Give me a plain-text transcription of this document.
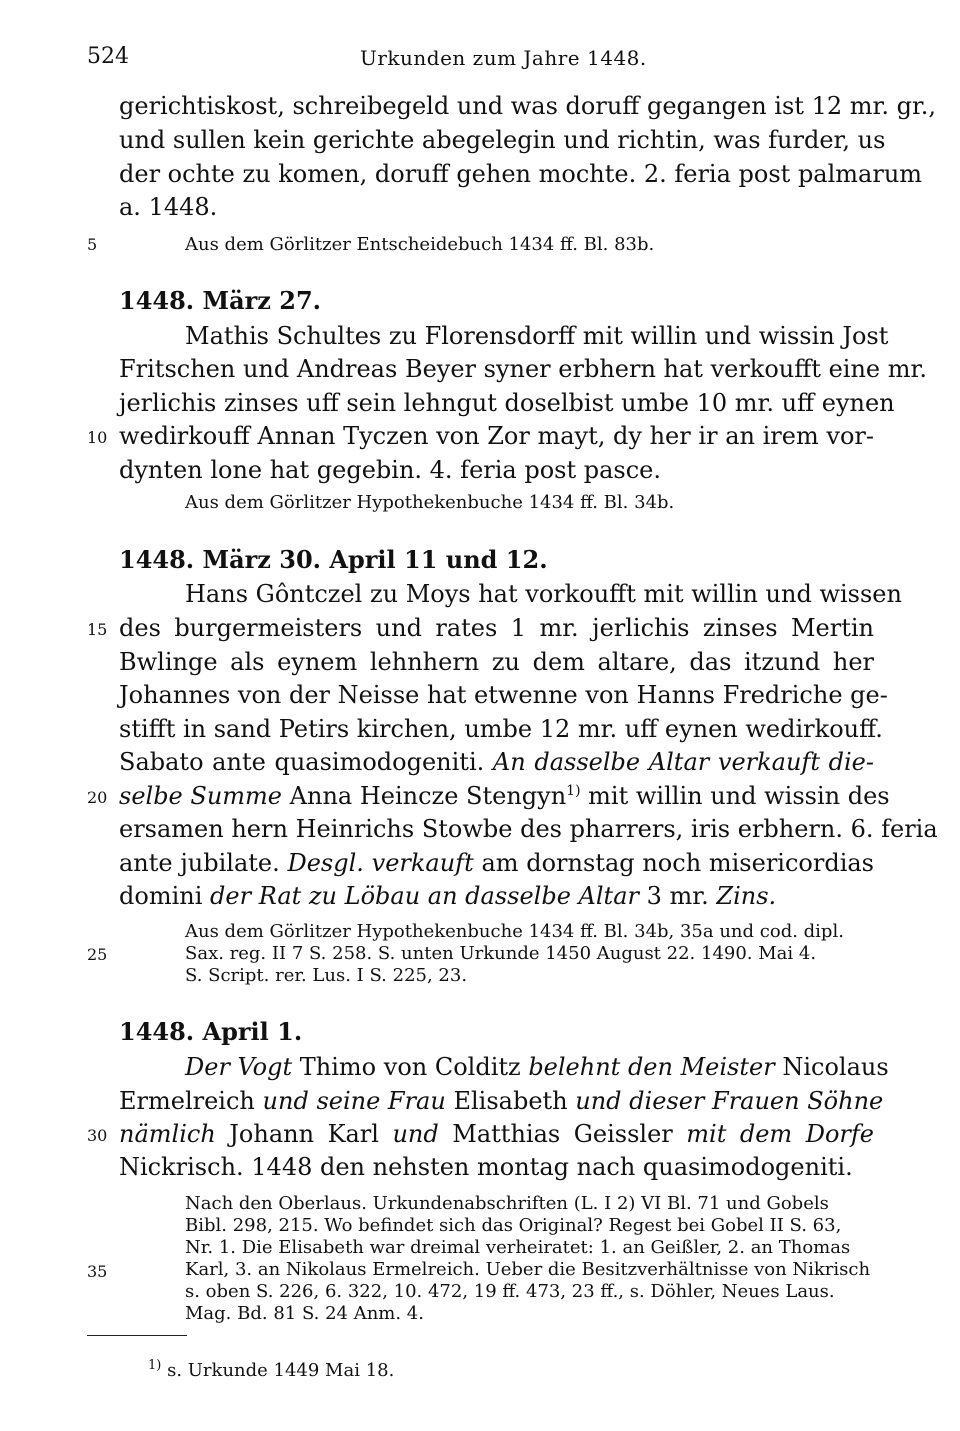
524	Urkunden zum Jahre 1448.
gerichtiskost, schreibegeld und was doruff gegangen ist 12 mr. gr.,
und sullen kein gerichte abegelegin und richtin, was furder, us
der ochte zu komen, doruff gehen mochte. 2. feria post palmarum
a. 1448.
Aus dem Görlitzer Entscheidebuch 1434 ff. Bl. 83b.
1448. März 27.
Mathis Schultes zu Florensdorff mit willin und wissin Jost
Fritschen und Andreas Beyer syner erbhern hat verkoufft eine mr.
jerlichis zinses uff sein lehngut doselbist umbe 10 mr. uff eynen
wedirkouff Annan Tyczen von Zor mayt, dy her ir an irem vor-
dynten lone hat gegebin. 4. feria post pasce.
Aus dem Görlitzer Hypothekenbuche 1434 ff. Bl. 34b.
1448. März 30. April 11 und 12.
Hans Gôntczel zu Moys hat vorkoufft mit willin und wissen
des burgermeisters und rates 1 mr. jerlichis zinses Mertin
Bwlinge als eynem lehnhern zu dem altare, das itzund her
Johannes von der Neisse hat etwenne von Hanns Fredriche ge-
stifft in sand Petirs kirchen, umbe 12 mr. uff eynen wedirkouff.
Sabato ante quasimodogeniti. An dasselbe Altar verkauft die-
selbe Summe Anna Heincze Stengyn$^{1)}$ mit willin und wissin des
ersamen hern Heinrichs Stowbe des pharrers, iris erbhern. 6. feria
ante jubilate. Desgl. verkauft am dornstag noch misericordias
domini der Rat zu Löbau an dasselbe Altar 3 mr. Zins.
Aus dem Görlitzer Hypothekenbuche 1434 ff. Bl. 34b, 35a und cod. dipl.
Sax. reg. II 7 S. 258. S. unten Urkunde 1450 August 22. 1490. Mai 4.
S. Script. rer. Lus. I S. 225, 23.
1448. April 1.
Der Vogt Thimo von Colditz belehnt den Meister Nicolaus
Ermelreich und seine Frau Elisabeth und dieser Frauen Söhne
nämlich Johann Karl und Matthias Geissler mit dem Dorfe
Nickrisch. 1448 den nehsten montag nach quasimodogeniti.
Nach den Oberlaus. Urkundenabschriften (L. I 2) VI Bl. 71 und Gobels
Bibl. 298, 215. Wo befindet sich das Original? Regest bei Gobel II S. 63,
Nr. 1. Die Elisabeth war dreimal verheiratet: 1. an Geißler, 2. an Thomas
Karl, 3. an Nikolaus Ermelreich. Ueber die Besitzverhältnisse von Nikrisch
s. oben S. 226, 6. 322, 10. 472, 19 ff. 473, 23 ff., s. Döhler, Neues Laus.
Mag. Bd. 81 S. 24 Anm. 4.
5
10
15
20
25
30
35
$^{1)}$ s. Urkunde 1449 Mai 18.
